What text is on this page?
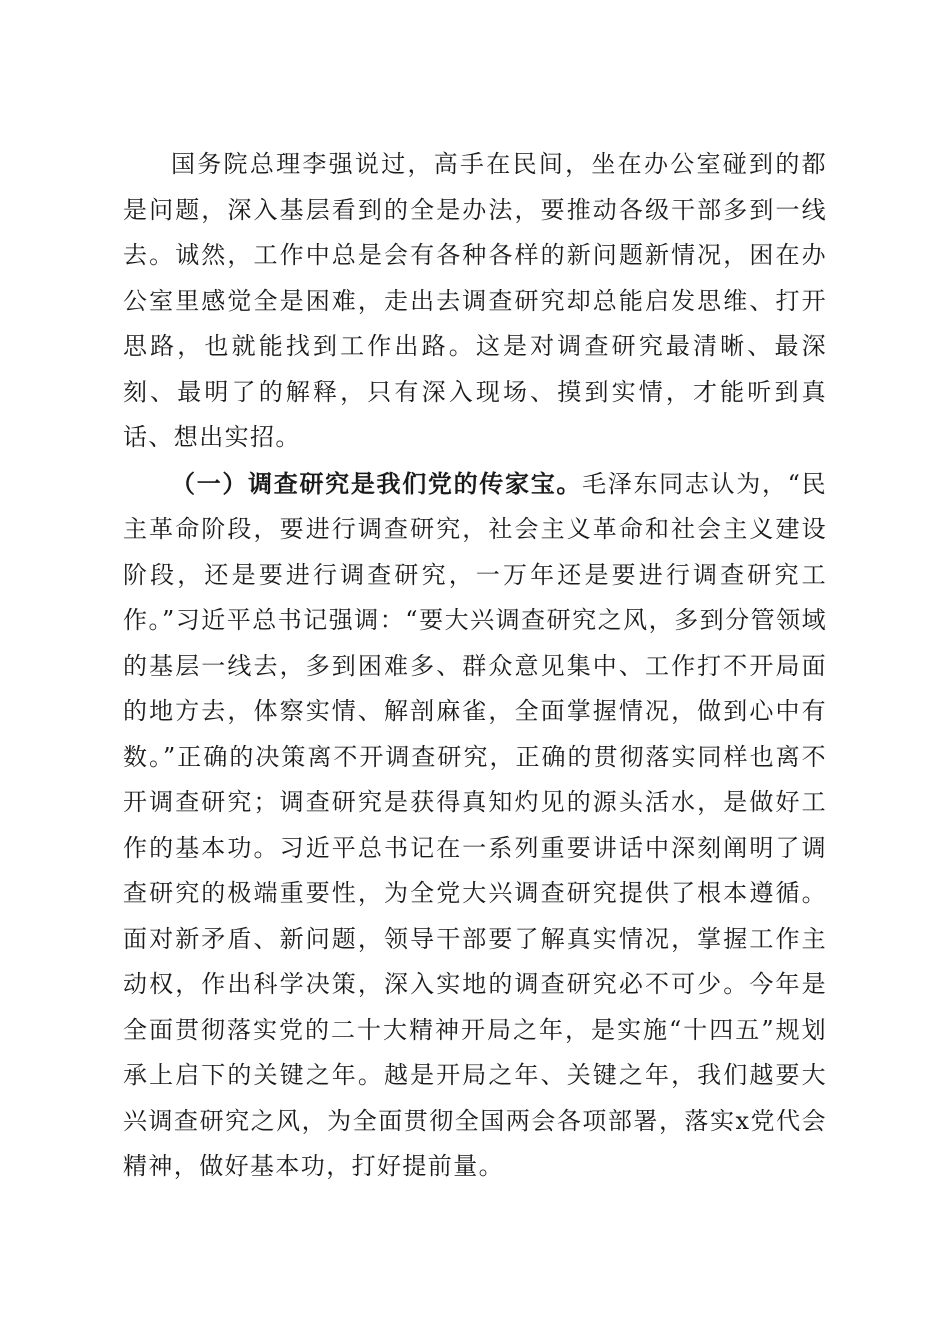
国务院总理李强说过，高手在民间，坐在办公室碰到的都是问题，深入基层看到的全是办法，要推动各级干部多到一线去。诚然，工作中总是会有各种各样的新问题新情况，困在办公室里感觉全是困难，走出去调查研究却总能启发思维、打开思路，也就能找到工作出路。这是对调查研究最清晰、最深刻、最明了的解释，只有深入现场、摸到实情，才能听到真话、想出实招。

（一）调查研究是我们党的传家宝。毛泽东同志认为，“民主革命阶段，要进行调查研究，社会主义革命和社会主义建设阶段，还是要进行调查研究，一万年还是要进行调查研究工作。”习近平总书记强调：“要大兴调查研究之风，多到分管领域的基层一线去，多到困难多、群众意见集中、工作打不开局面的地方去，体察实情、解剖麻雀，全面掌握情况，做到心中有数。”正确的决策离不开调查研究，正确的贯彻落实同样也离不开调查研究；调查研究是获得真知灼见的源头活水，是做好工作的基本功。习近平总书记在一系列重要讲话中深刻阐明了调查研究的极端重要性，为全党大兴调查研究提供了根本遵循。面对新矛盾、新问题，领导干部要了解真实情况，掌握工作主动权，作出科学决策，深入实地的调查研究必不可少。今年是全面贯彻落实党的二十大精神开局之年，是实施“十四五”规划承上启下的关键之年。越是开局之年、关键之年，我们越要大兴调查研究之风，为全面贯彻全国两会各项部署，落实x党代会精神，做好基本功，打好提前量。
